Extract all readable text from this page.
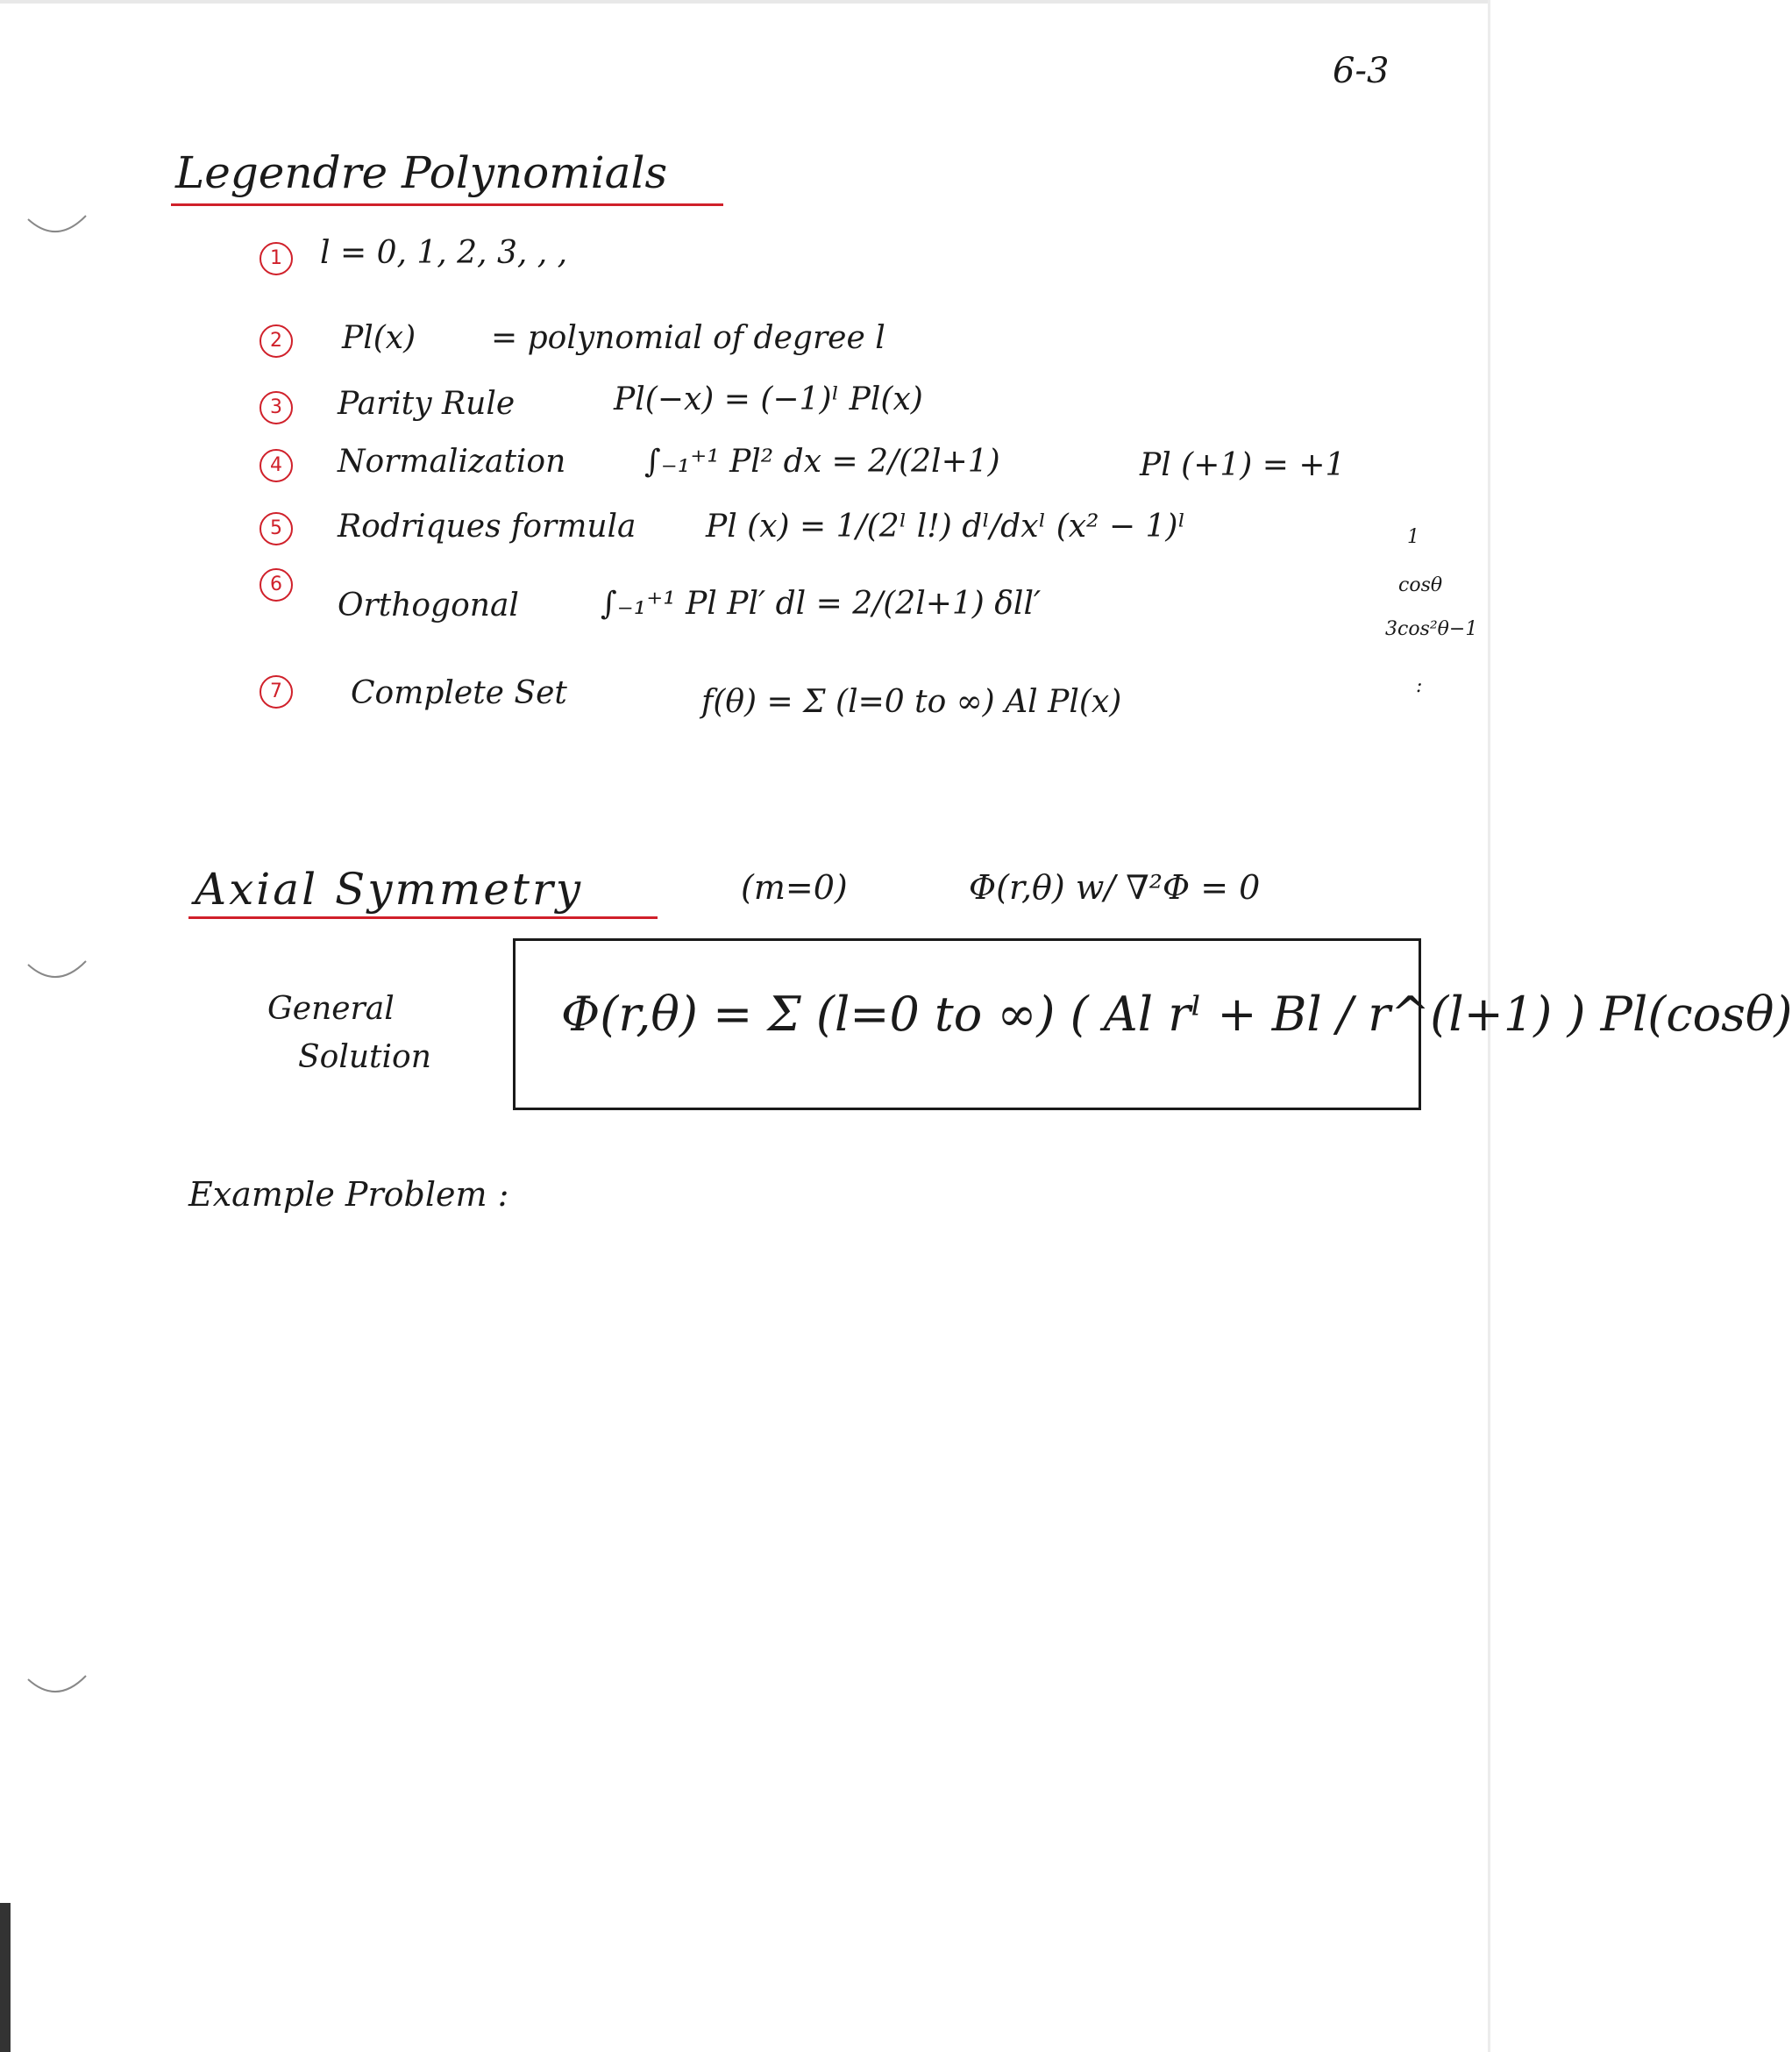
6-3
Legendre Polynomials
1	l = 0, 1, 2, 3, , ,
2	Pl(x) = polynomial of degree l
3	Parity Rule	Pl(−x) = (−1)ˡ Pl(x)
4	Normalization ∫₋₁⁺¹ Pl² dx = 2/(2l+1)	Pl (+1) = +1
5	Rodriques formula Pl (x) = 1/(2ˡ l!) dˡ/dxˡ (x² − 1)ˡ
6
Orthogonal	∫₋₁⁺¹ Pl Pl′ dl = 2/(2l+1) δll′
7	Complete Set	f(θ) = Σ (l=0 to ∞) Al Pl(x)
1
cosθ
3cos²θ−1
:
Axial Symmetry	(m=0)	Φ(r,θ) w/ ∇²Φ = 0
General
Solution
Φ(r,θ) = Σ (l=0 to ∞) ( Al rˡ + Bl / r^(l+1) ) Pl(cosθ)
Example Problem :
